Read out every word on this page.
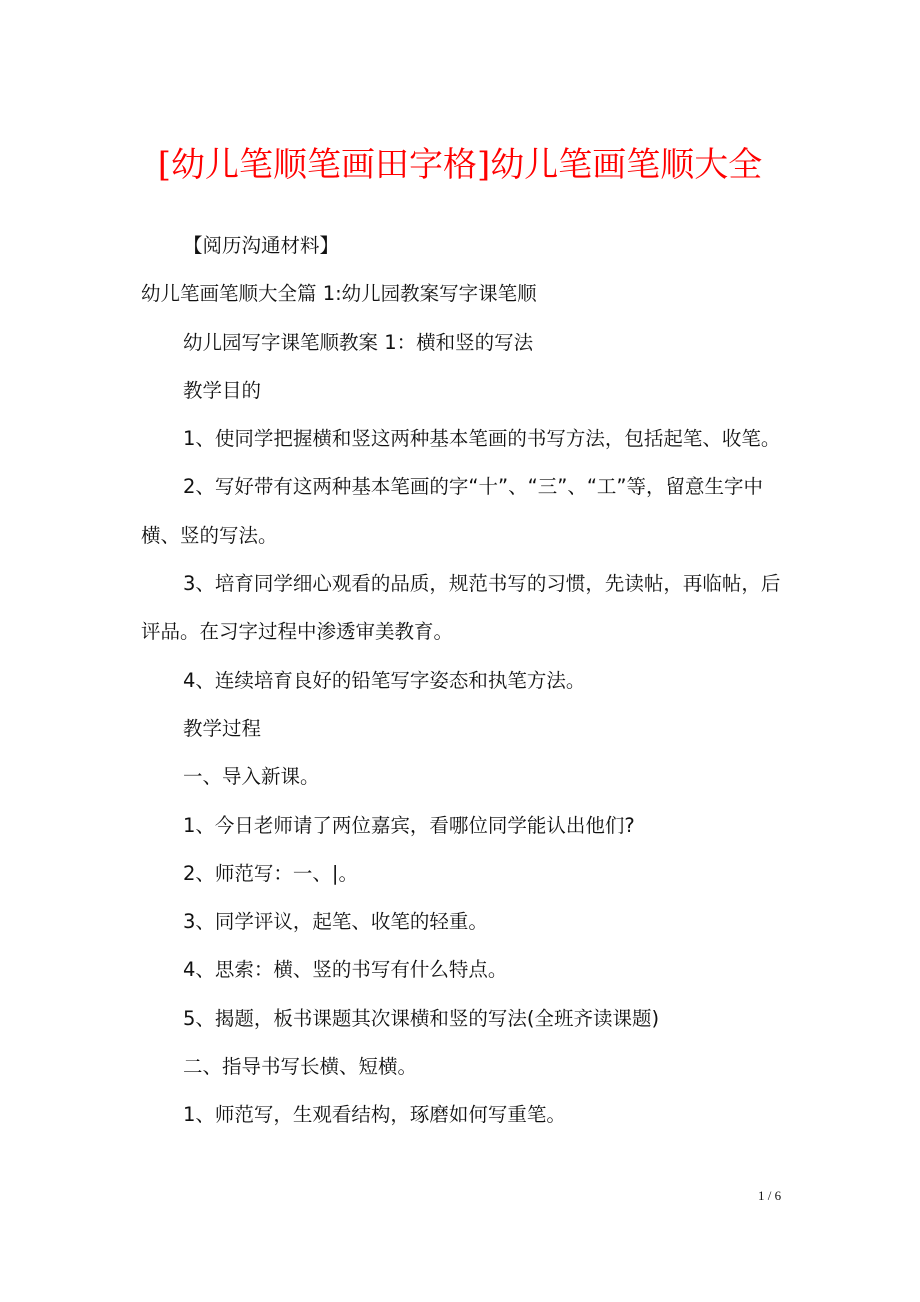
[幼儿笔顺笔画田字格]幼儿笔画笔顺大全

【阅历沟通材料】

幼儿笔画笔顺大全篇 1:幼儿园教案写字课笔顺

幼儿园写字课笔顺教案 1：横和竖的写法

教学目的

1、使同学把握横和竖这两种基本笔画的书写方法，包括起笔、收笔。

2、写好带有这两种基本笔画的字“十”、“三”、“工”等，留意生字中横、竖的写法。

3、培育同学细心观看的品质，规范书写的习惯，先读帖，再临帖，后评品。在习字过程中渗透审美教育。

4、连续培育良好的铅笔写字姿态和执笔方法。

教学过程

一、导入新课。

1、今日老师请了两位嘉宾，看哪位同学能认出他们?

2、师范写：一、|。

3、同学评议，起笔、收笔的轻重。

4、思索：横、竖的书写有什么特点。

5、揭题，板书课题其次课横和竖的写法(全班齐读课题)

二、指导书写长横、短横。

1、师范写，生观看结构，琢磨如何写重笔。

1 / 6
